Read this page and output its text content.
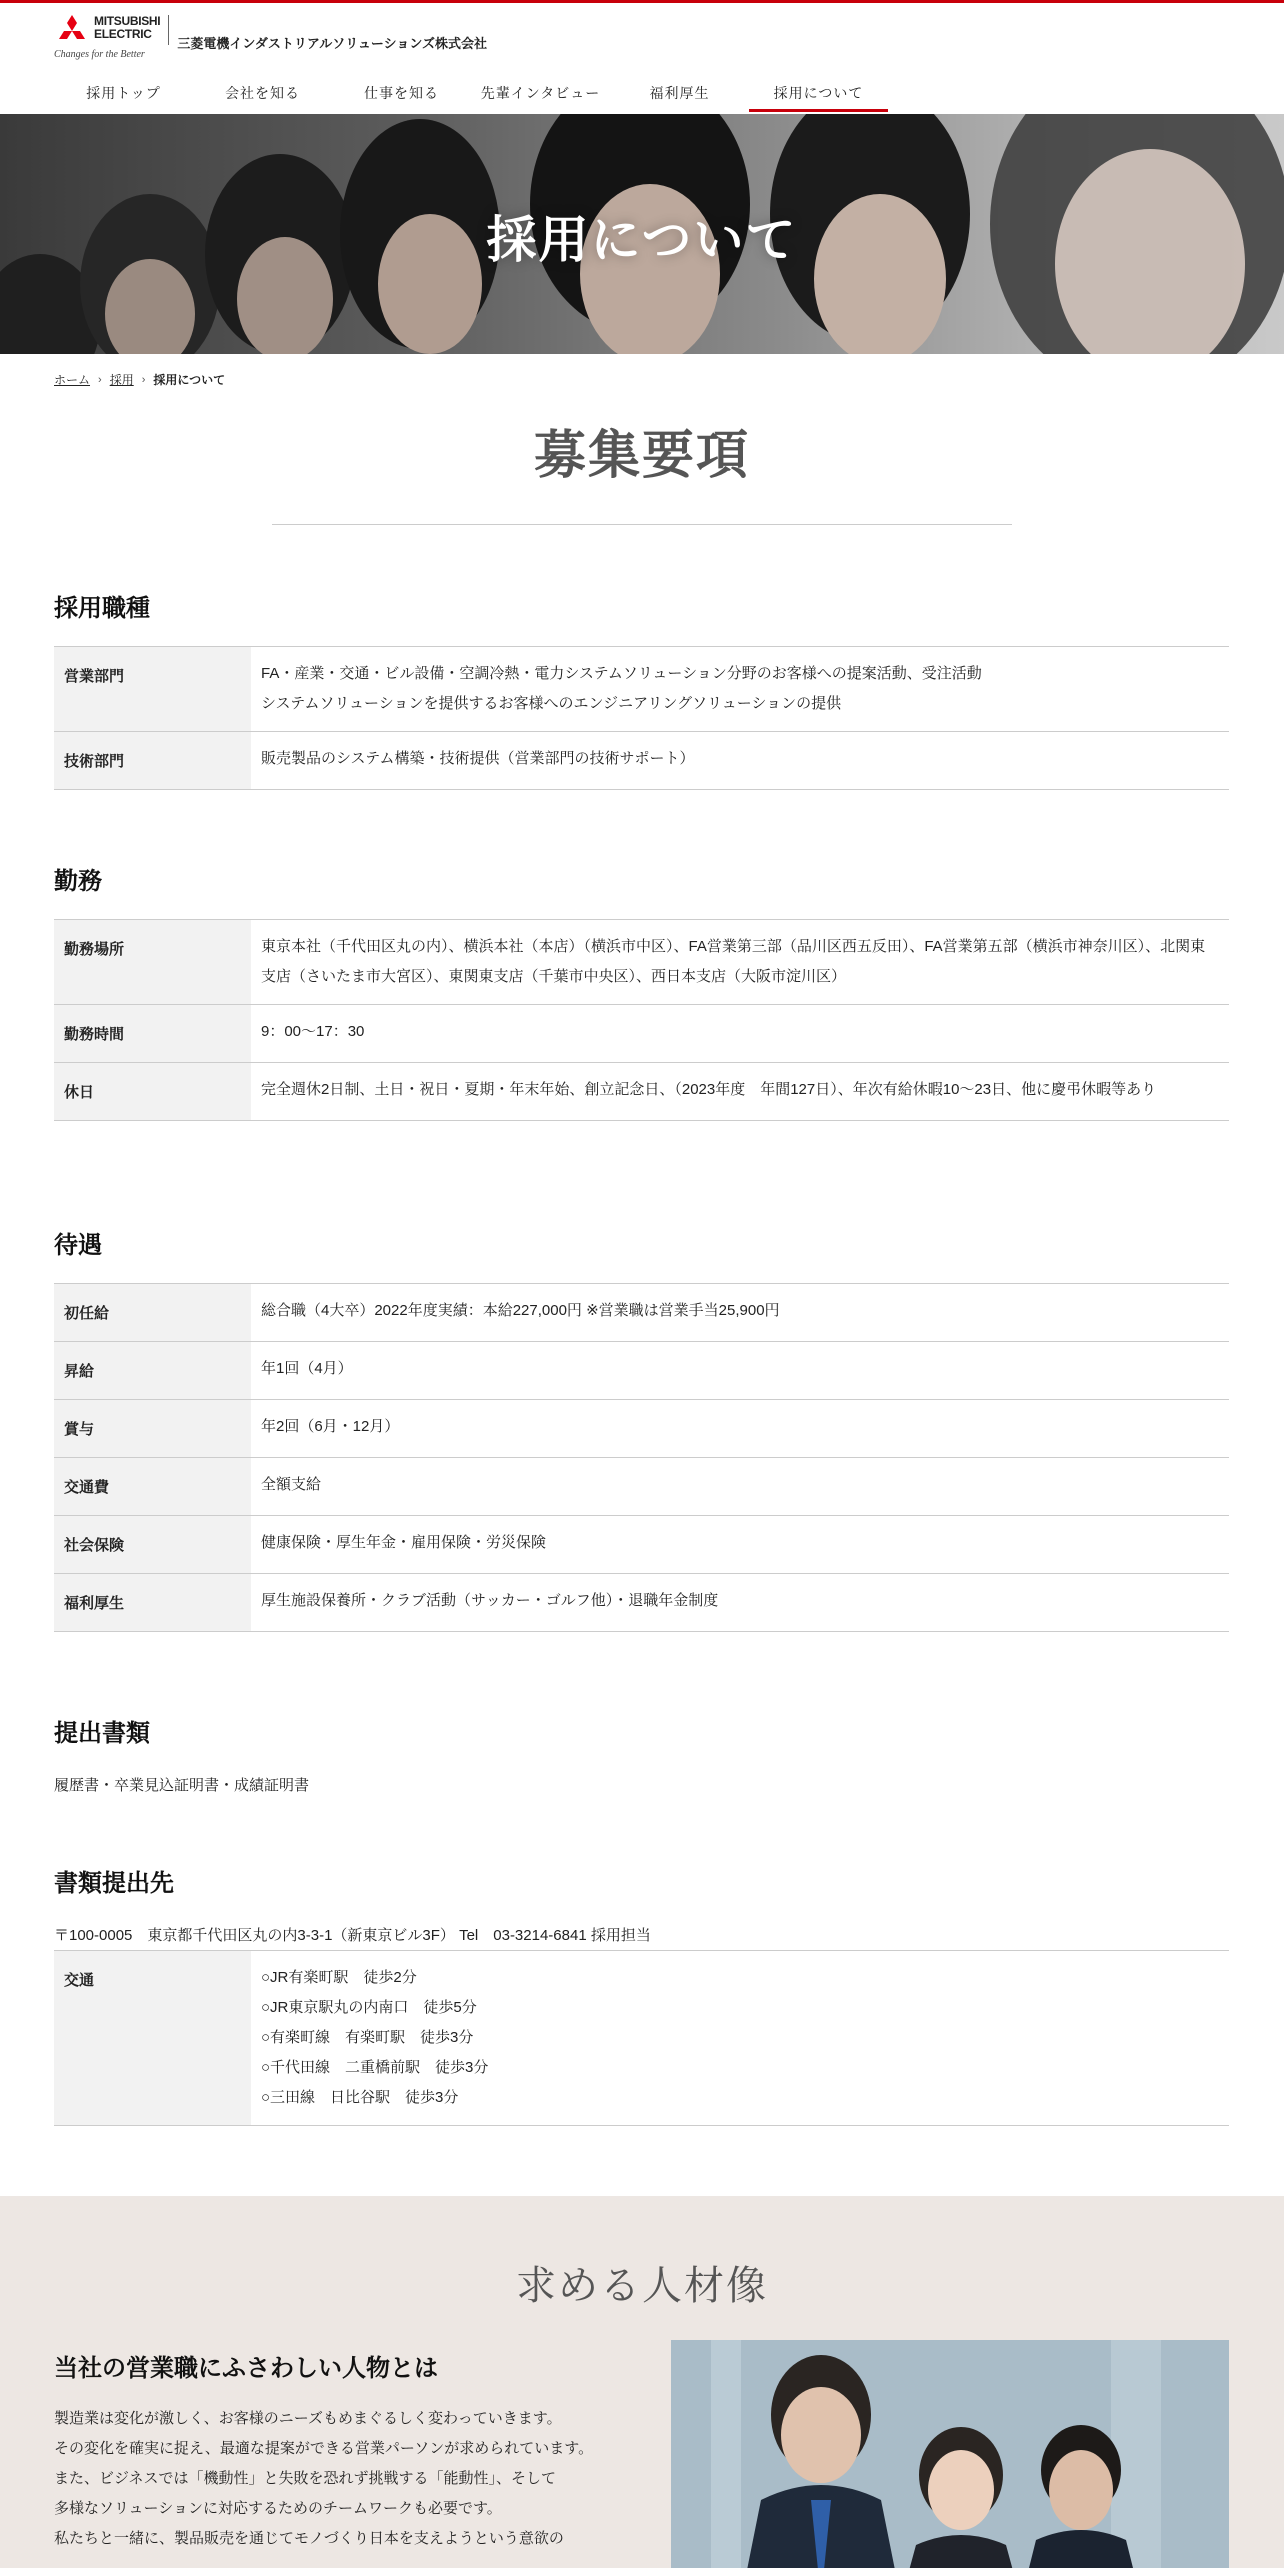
MITSUBISHI
ELECTRIC
Changes for the Better
三菱電機インダストリアルソリューションズ株式会社
採用トップ	会社を知る	仕事を知る	先輩インタビュー	福利厚生	採用について
採用について
ホーム › 採用 › 採用について
募集要項
採用職種
営業部門	FA・産業・交通・ビル設備・空調冷熱・電力システムソリューション分野のお客様への提案活動、受注活動
システムソリューションを提供するお客様へのエンジニアリングソリューションの提供

技術部門	販売製品のシステム構築・技術提供（営業部門の技術サポート）
勤務
勤務場所	東京本社（千代田区丸の内）、横浜本社（本店）（横浜市中区）、FA営業第三部（品川区西五反田）、FA営業第五部（横浜市神奈川区）、北関東支店（さいたま市大宮区）、東関東支店（千葉市中央区）、西日本支店（大阪市淀川区）
勤務時間	9：00～17：30
休日	完全週休2日制、土日・祝日・夏期・年末年始、創立記念日、（2023年度　年間127日）、年次有給休暇10～23日、他に慶弔休暇等あり
待遇
初任給	総合職（4大卒）2022年度実績：本給227,000円 ※営業職は営業手当25,900円
昇給	年1回（4月）
賞与	年2回（6月・12月）
交通費	全額支給
社会保険	健康保険・厚生年金・雇用保険・労災保険
福利厚生	厚生施設保養所・クラブ活動（サッカー・ゴルフ他）・退職年金制度
提出書類
履歴書・卒業見込証明書・成績証明書
書類提出先
〒100-0005　東京都千代田区丸の内3-3-1（新東京ビル3F） Tel　03-3214-6841 採用担当
交通	○JR有楽町駅　徒歩2分
○JR東京駅丸の内南口　徒歩5分
○有楽町線　有楽町駅　徒歩3分
○千代田線　二重橋前駅　徒歩3分
○三田線　日比谷駅　徒歩3分
求める人材像
当社の営業職にふさわしい人物とは
製造業は変化が激しく、お客様のニーズもめまぐるしく変わっていきます。
その変化を確実に捉え、最適な提案ができる営業パーソンが求められています。
また、ビジネスでは「機動性」と失敗を恐れず挑戦する「能動性」、そして
多様なソリューションに対応するためのチームワークも必要です。
私たちと一緒に、製品販売を通じてモノづくり日本を支えようという意欲の
